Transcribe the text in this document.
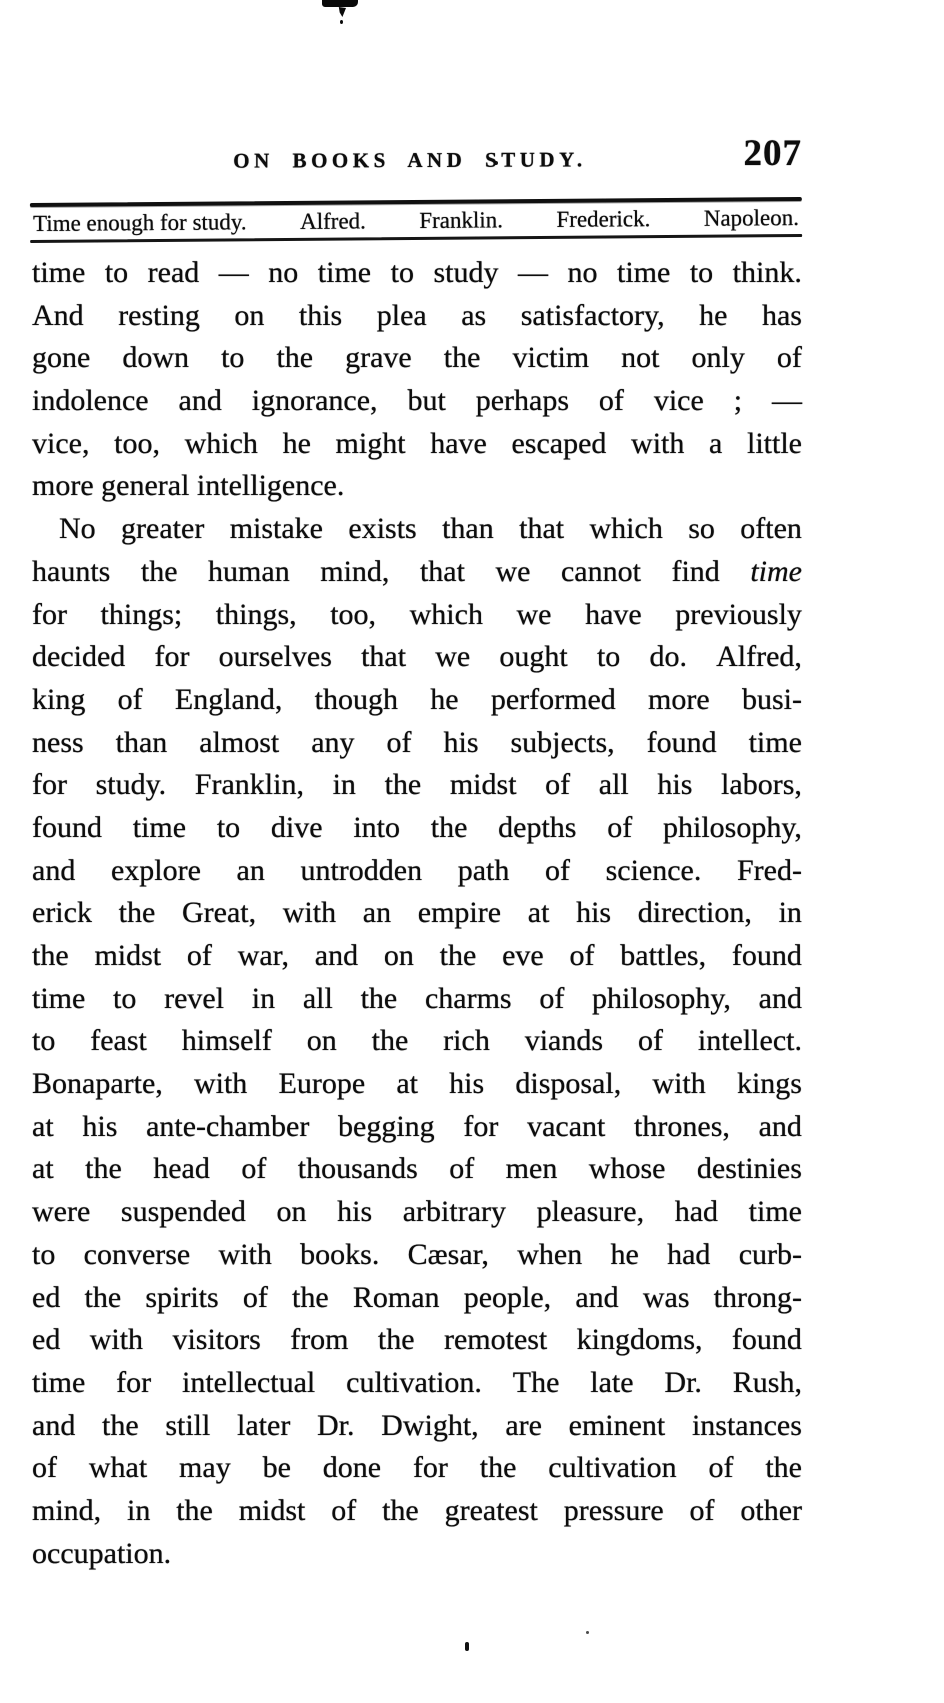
ON BOOKS AND STUDY.	207
Time enough for study. Alfred. Franklin. Frederick. Napoleon.
time to read — no time to study — no time to think.
And resting on this plea as satisfactory, he has
gone down to the grave the victim not only of
indolence and ignorance, but perhaps of vice ; —
vice, too, which he might have escaped with a little
more general intelligence.
No greater mistake exists than that which so often
haunts the human mind, that we cannot find time
for things; things, too, which we have previously
decided for ourselves that we ought to do. Alfred,
king of England, though he performed more busi-
ness than almost any of his subjects, found time
for study. Franklin, in the midst of all his labors,
found time to dive into the depths of philosophy,
and explore an untrodden path of science. Fred-
erick the Great, with an empire at his direction, in
the midst of war, and on the eve of battles, found
time to revel in all the charms of philosophy, and
to feast himself on the rich viands of intellect.
Bonaparte, with Europe at his disposal, with kings
at his ante-chamber begging for vacant thrones, and
at the head of thousands of men whose destinies
were suspended on his arbitrary pleasure, had time
to converse with books. Cæsar, when he had curb-
ed the spirits of the Roman people, and was throng-
ed with visitors from the remotest kingdoms, found
time for intellectual cultivation. The late Dr. Rush,
and the still later Dr. Dwight, are eminent instances
of what may be done for the cultivation of the
mind, in the midst of the greatest pressure of other
occupation.
